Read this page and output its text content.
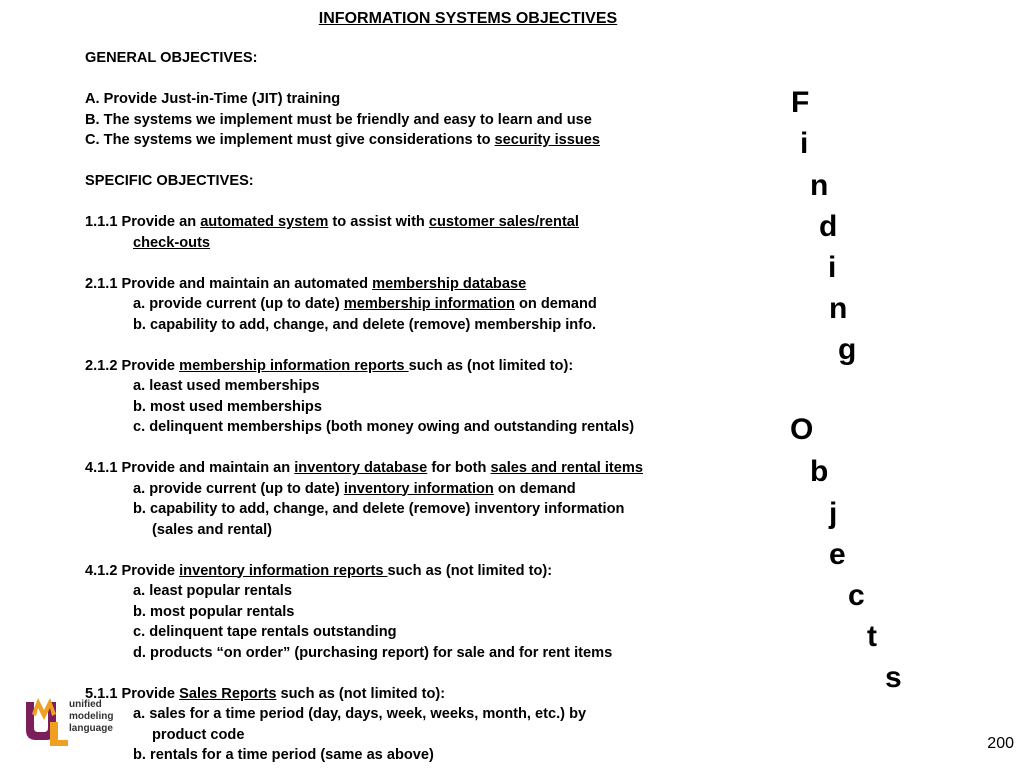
INFORMATION SYSTEMS OBJECTIVES
GENERAL OBJECTIVES:
A. Provide Just-in-Time (JIT) training
B. The systems we implement must be friendly and easy to learn and use
C. The systems we implement must give considerations to security issues
SPECIFIC OBJECTIVES:
1.1.1 Provide an automated system to assist with customer sales/rental
check-outs
2.1.1 Provide and maintain an automated membership database
a. provide current (up to date) membership information on demand
b. capability to add, change, and delete (remove) membership info.
2.1.2 Provide membership information reports such as (not limited to):
a. least used memberships
b. most used memberships
c. delinquent memberships (both money owing and outstanding rentals)
4.1.1 Provide and maintain an inventory database for both sales and rental items
a. provide current (up to date) inventory information on demand
b. capability to add, change, and delete (remove) inventory information
(sales and rental)
4.1.2 Provide inventory information reports such as (not limited to):
a. least popular rentals
b. most popular rentals
c. delinquent tape rentals outstanding
d. products “on order” (purchasing report) for sale and for rent items
5.1.1 Provide Sales Reports such as (not limited to):
a. sales for a time period (day, days, week, weeks, month, etc.) by
product code
b. rentals for a time period (same as above)
F
i
n
d
i
n
g
O
b
j
e
c
t
s
unified
modeling
language
200
